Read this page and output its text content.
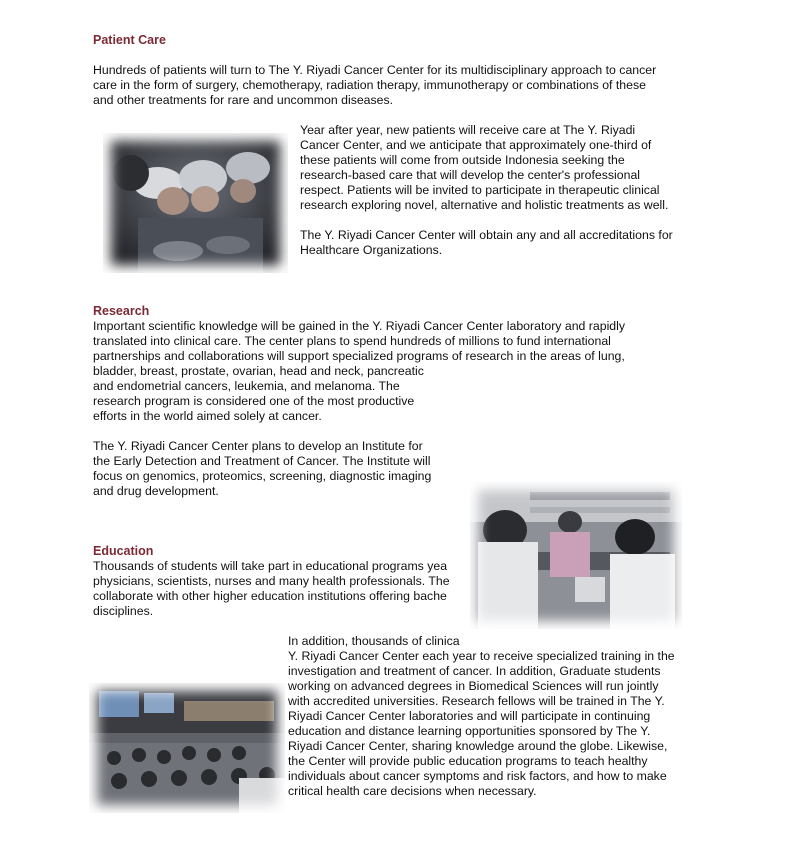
Patient Care

Hundreds of patients will turn to The Y. Riyadi Cancer Center for its multidisciplinary approach to cancer
care in the form of surgery, chemotherapy, radiation therapy, immunotherapy or combinations of these
and other treatments for rare and uncommon diseases.

Year after year, new patients will receive care at The Y. Riyadi
Cancer Center, and we anticipate that approximately one-third of
these patients will come from outside Indonesia seeking the
research-based care that will develop the center's professional
respect. Patients will be invited to participate in therapeutic clinical
research exploring novel, alternative and holistic treatments as well.

The Y. Riyadi Cancer Center will obtain any and all accreditations for
Healthcare Organizations.

Research

Important scientific knowledge will be gained in the Y. Riyadi Cancer Center laboratory and rapidly
translated into clinical care. The center plans to spend hundreds of millions to fund international
partnerships and collaborations will support specialized programs of research in the areas of lung,
bladder, breast, prostate, ovarian, head and neck, pancreatic
and endometrial cancers, leukemia, and melanoma. The
research program is considered one of the most productive
efforts in the world aimed solely at cancer.

The Y. Riyadi Cancer Center plans to develop an Institute for
the Early Detection and Treatment of Cancer. The Institute will
focus on genomics, proteomics, screening, diagnostic imaging
and drug development.

Education

Thousands of students will take part in educational programs yea
physicians, scientists, nurses and many health professionals. The
collaborate with other higher education institutions offering bache
disciplines.

In addition, thousands of clinica
Y. Riyadi Cancer Center each year to receive specialized training in the
investigation and treatment of cancer. In addition, Graduate students
working on advanced degrees in Biomedical Sciences will run jointly
with accredited universities. Research fellows will be trained in The Y.
Riyadi Cancer Center laboratories and will participate in continuing
education and distance learning opportunities sponsored by The Y.
Riyadi Cancer Center, sharing knowledge around the globe. Likewise,
the Center will provide public education programs to teach healthy
individuals about cancer symptoms and risk factors, and how to make
critical health care decisions when necessary.
